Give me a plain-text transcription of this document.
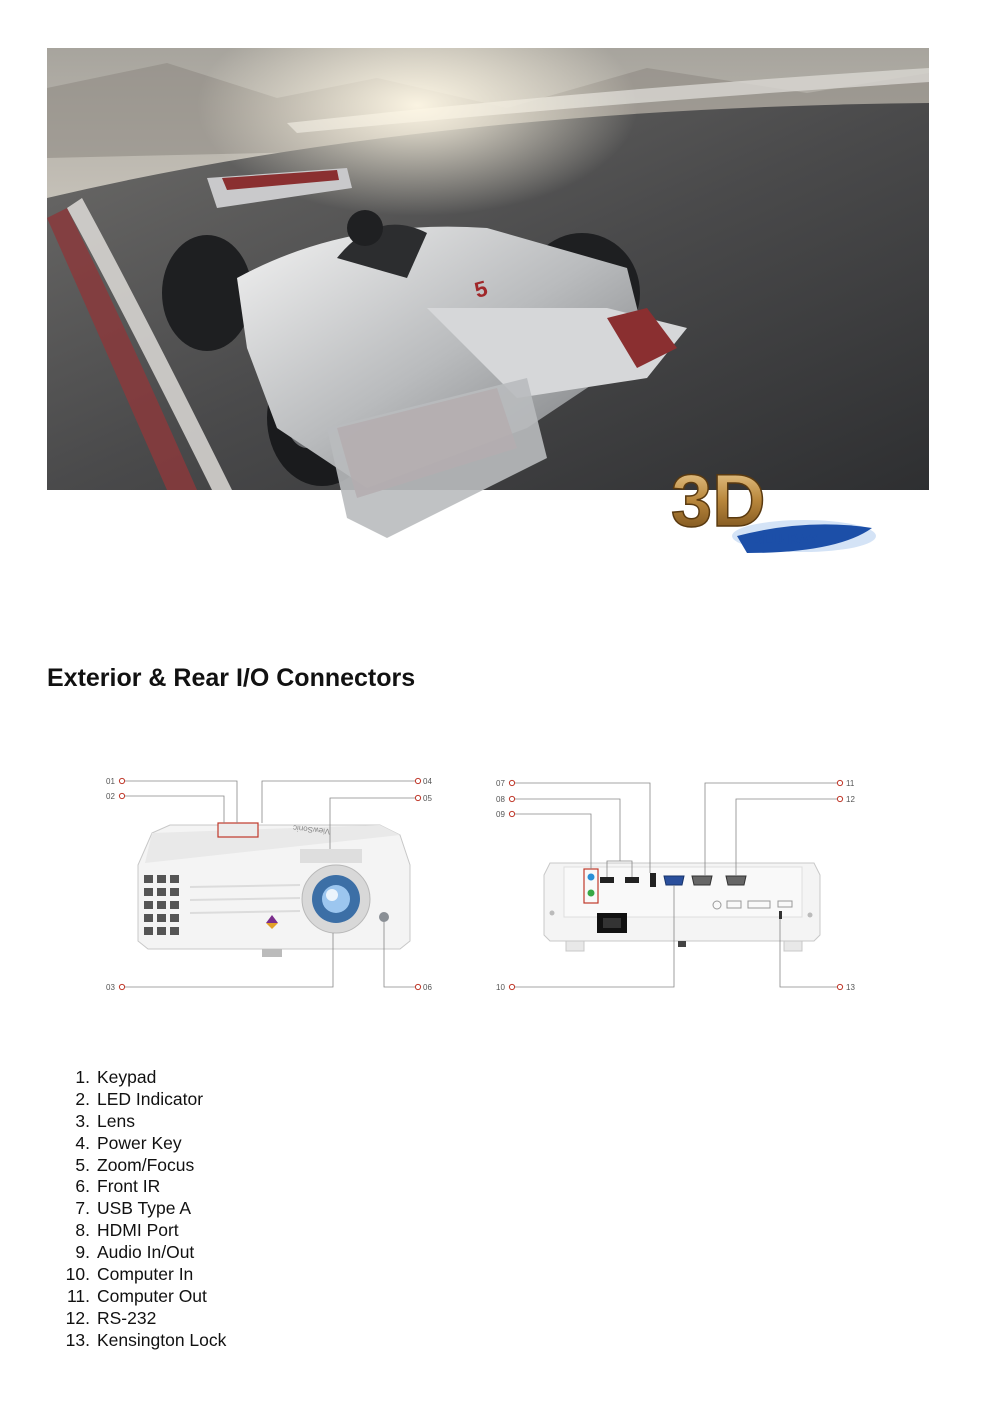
5
3D
BLU-RAY
Exterior & Rear I/O Connectors
ViewSonic
01
02
03
04
05
06
07
08
09
10
11
12
13
1. Keypad
2. LED Indicator
3. Lens
4. Power Key
5. Zoom/Focus
6. Front IR
7. USB Type A
8. HDMI Port
9. Audio In/Out
10. Computer In
11. Computer Out
12. RS-232
13. Kensington Lock
